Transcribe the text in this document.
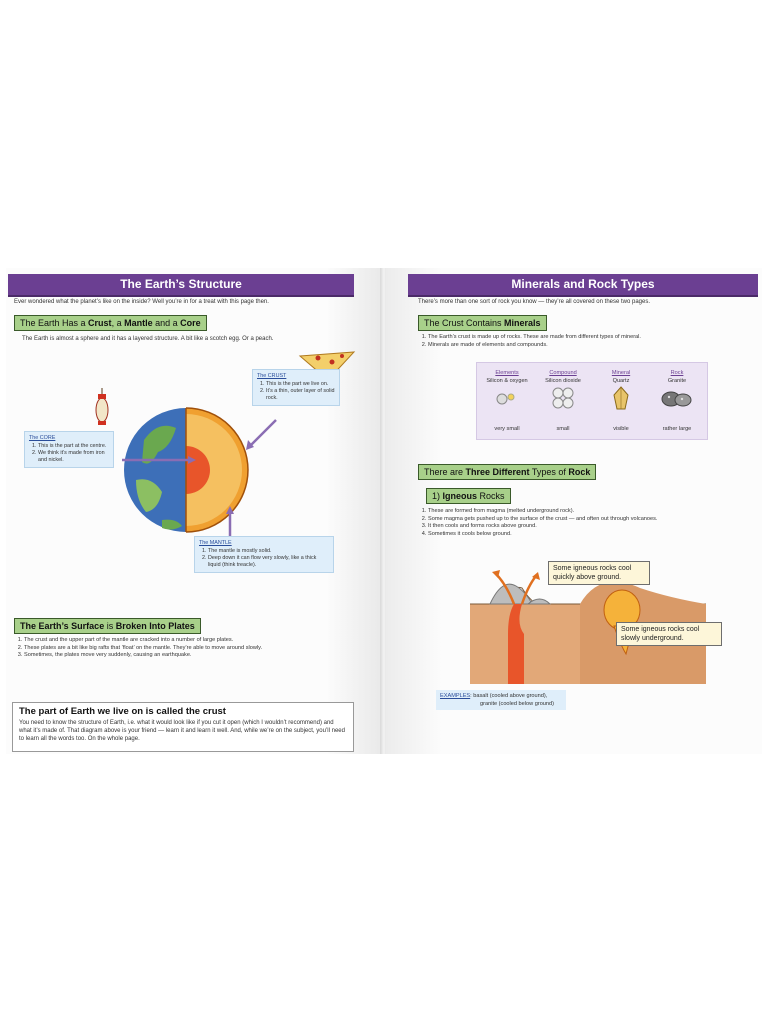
The Earth’s Structure
Ever wondered what the planet’s like on the inside? Well you’re in for a treat with this page then.
The Earth Has a Crust, a Mantle and a Core
The Earth is almost a sphere and it has a layered structure. A bit like a scotch egg. Or a peach.
The CRUST
1. This is the part we live on.
2. It’s a thin, outer layer of solid rock.
The CORE
1. This is the part at the centre.
2. We think it’s made from iron and nickel.
The MANTLE
1. The mantle is mostly solid.
2. Deep down it can flow very slowly, like a thick liquid (think treacle).
The Earth’s Surface is Broken Into Plates
1. The crust and the upper part of the mantle are cracked into a number of large plates.
2. These plates are a bit like big rafts that ‘float’ on the mantle. They’re able to move around slowly.
3. Sometimes, the plates move very suddenly, causing an earthquake.
The part of Earth we live on is called the crust
You need to know the structure of Earth, i.e. what it would look like if you cut it open (which I wouldn’t recommend) and what it’s made of. That diagram above is your friend — learn it and learn it well. And, while we’re on the subject, you’ll need to learn all the words too. On the whole page.
Minerals and Rock Types
There’s more than one sort of rock you know — they’re all covered on these two pages.
The Crust Contains Minerals
1. The Earth’s crust is made up of rocks. These are made from different types of mineral.
2. Minerals are made of elements and compounds.
Elements
Silicon & oxygen
very small
Compound
Silicon dioxide
small
Mineral
Quartz
visible
Rock
Granite
rather large
There are Three Different Types of Rock
1) Igneous Rocks
1. These are formed from magma (melted underground rock).
2. Some magma gets pushed up to the surface of the crust — and often out through volcanoes.
3. It then cools and forms rocks above ground.
4. Sometimes it cools below ground.
Some igneous rocks cool quickly above ground.
Some igneous rocks cool slowly underground.
EXAMPLES: basalt (cooled above ground),
granite (cooled below ground)
